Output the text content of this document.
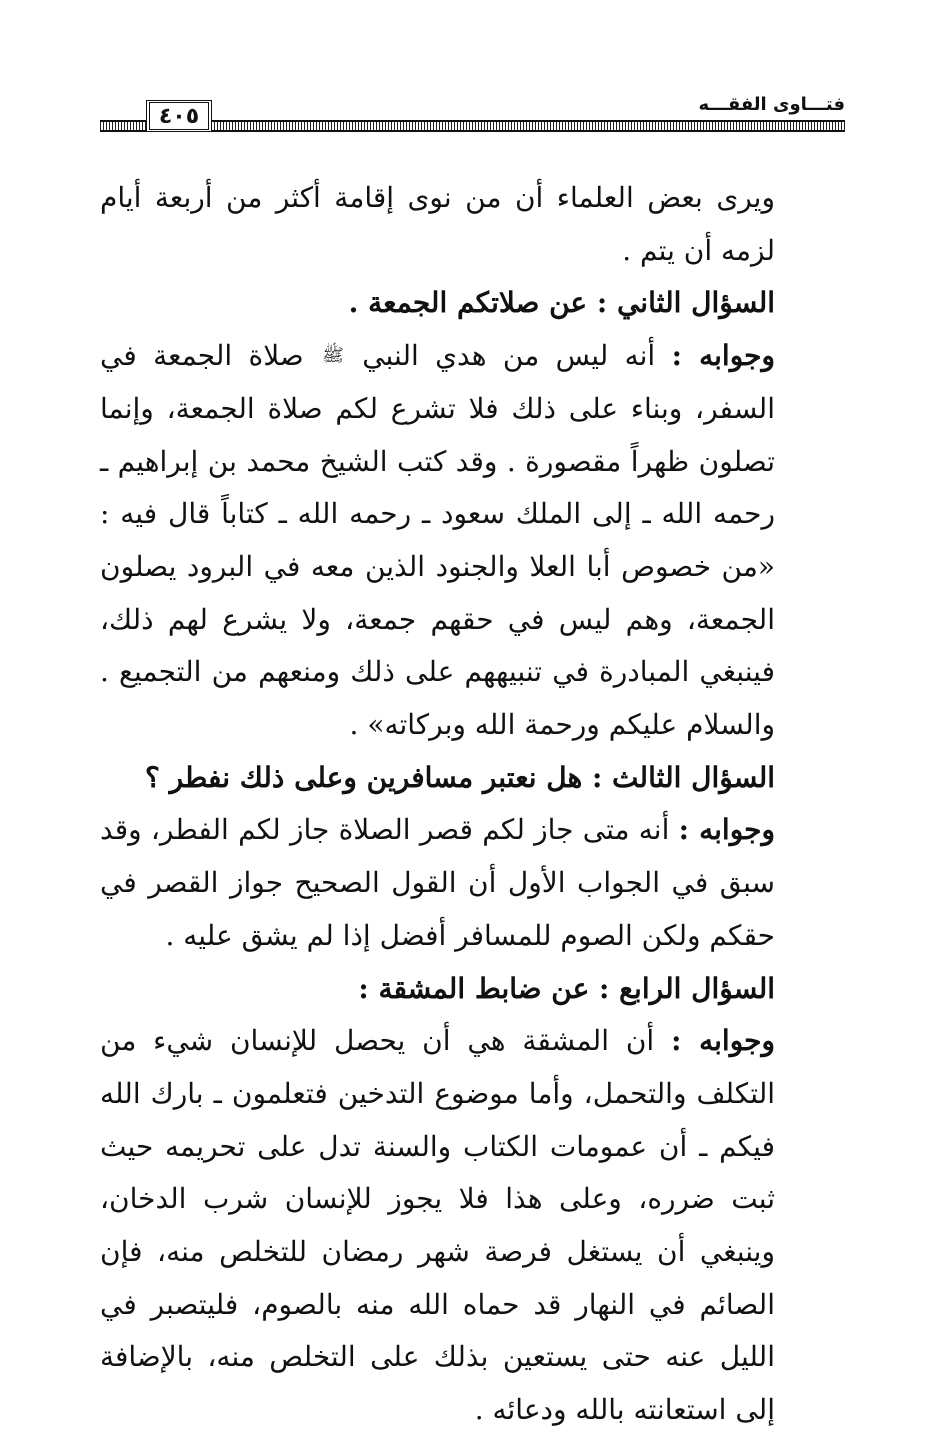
فتـــاوى الفقـــه
٤٠٥

ويرى بعض العلماء أن من نوى إقامة أكثر من أربعة أيام لزمه أن يتم .

السؤال الثاني : عن صلاتكم الجمعة .

وجوابه : أنه ليس من هدي النبي ﷺ صلاة الجمعة في السفر، وبناء على ذلك فلا تشرع لكم صلاة الجمعة، وإنما تصلون ظهراً مقصورة . وقد كتب الشيخ محمد بن إبراهيم ـ رحمه الله ـ إلى الملك سعود ـ رحمه الله ـ كتاباً قال فيه : «من خصوص أبا العلا والجنود الذين معه في البرود يصلون الجمعة، وهم ليس في حقهم جمعة، ولا يشرع لهم ذلك، فينبغي المبادرة في تنبيههم على ذلك ومنعهم من التجميع . والسلام عليكم ورحمة الله وبركاته» .

السؤال الثالث : هل نعتبر مسافرين وعلى ذلك نفطر ؟

وجوابه : أنه متى جاز لكم قصر الصلاة جاز لكم الفطر، وقد سبق في الجواب الأول أن القول الصحيح جواز القصر في حقكم ولكن الصوم للمسافر أفضل إذا لم يشق عليه .

السؤال الرابع : عن ضابط المشقة :

وجوابه : أن المشقة هي أن يحصل للإنسان شيء من التكلف والتحمل، وأما موضوع التدخين فتعلمون ـ بارك الله فيكم ـ أن عمومات الكتاب والسنة تدل على تحريمه حيث ثبت ضرره، وعلى هذا فلا يجوز للإنسان شرب الدخان، وينبغي أن يستغل فرصة شهر رمضان للتخلص منه، فإن الصائم في النهار قد حماه الله منه بالصوم، فليتصبر في الليل عنه حتى يستعين بذلك على التخلص منه، بالإضافة إلى استعانته بالله ودعائه .
